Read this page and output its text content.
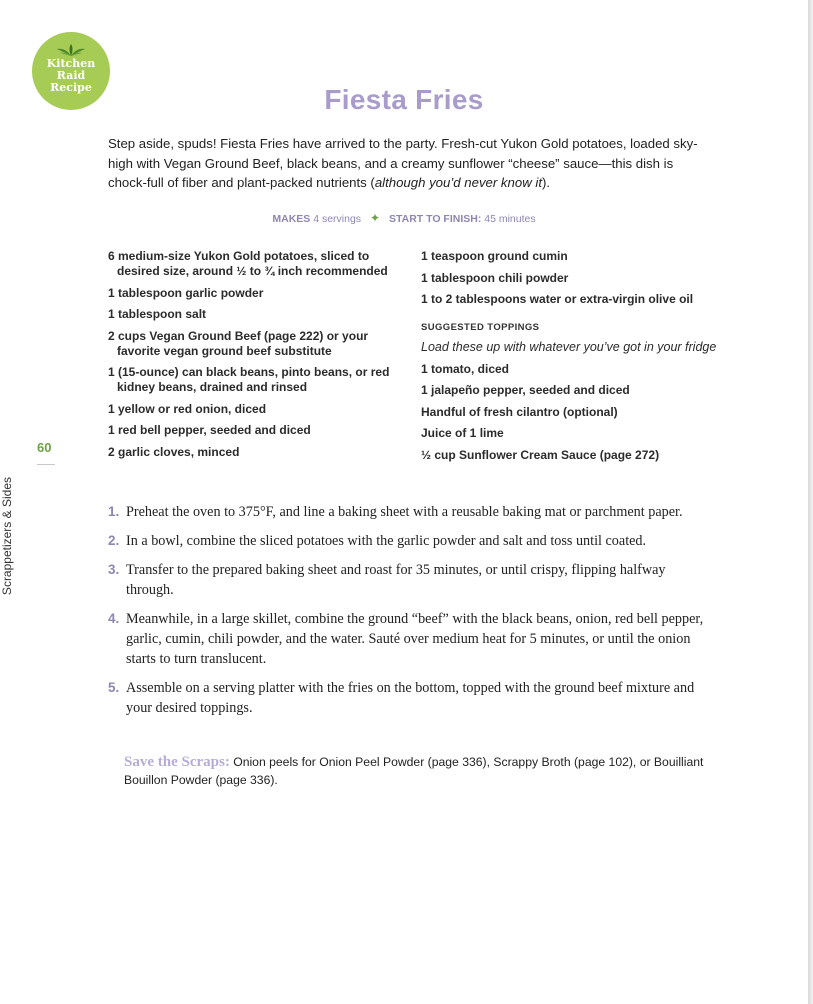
Kitchen
Raid
Recipe	Fiesta Fries
Step aside, spuds! Fiesta Fries have arrived to the party. Fresh-cut Yukon Gold potatoes, loaded sky-high with Vegan Ground Beef, black beans, and a creamy sunflower “cheese” sauce—this dish is chock-full of fiber and plant-packed nutrients (although you’d never know it).
MAKES 4 servings ✦ START TO FINISH: 45 minutes
6 medium-size Yukon Gold potatoes, sliced to desired size, around ½ to ¾ inch recommended
1 tablespoon garlic powder
1 tablespoon salt
2 cups Vegan Ground Beef (page 222) or your favorite vegan ground beef substitute
1 (15-ounce) can black beans, pinto beans, or red kidney beans, drained and rinsed
1 yellow or red onion, diced
1 red bell pepper, seeded and diced
2 garlic cloves, minced
1 teaspoon ground cumin
1 tablespoon chili powder
1 to 2 tablespoons water or extra-virgin olive oil
SUGGESTED TOPPINGS
Load these up with whatever you’ve got in your fridge
1 tomato, diced
1 jalapeño pepper, seeded and diced
Handful of fresh cilantro (optional)
Juice of 1 lime
½ cup Sunflower Cream Sauce (page 272)
60
Scrappetizers & Sides	1. Preheat the oven to 375°F, and line a baking sheet with a reusable baking mat or parchment paper.
2. In a bowl, combine the sliced potatoes with the garlic powder and salt and toss until coated.
3. Transfer to the prepared baking sheet and roast for 35 minutes, or until crispy, flipping halfway through.
4. Meanwhile, in a large skillet, combine the ground “beef” with the black beans, onion, red bell pepper, garlic, cumin, chili powder, and the water. Sauté over medium heat for 5 minutes, or until the onion starts to turn translucent.
5. Assemble on a serving platter with the fries on the bottom, topped with the ground beef mixture and your desired toppings.
Save the Scraps: Onion peels for Onion Peel Powder (page 336), Scrappy Broth (page 102), or Bouilliant Bouillon Powder (page 336).
